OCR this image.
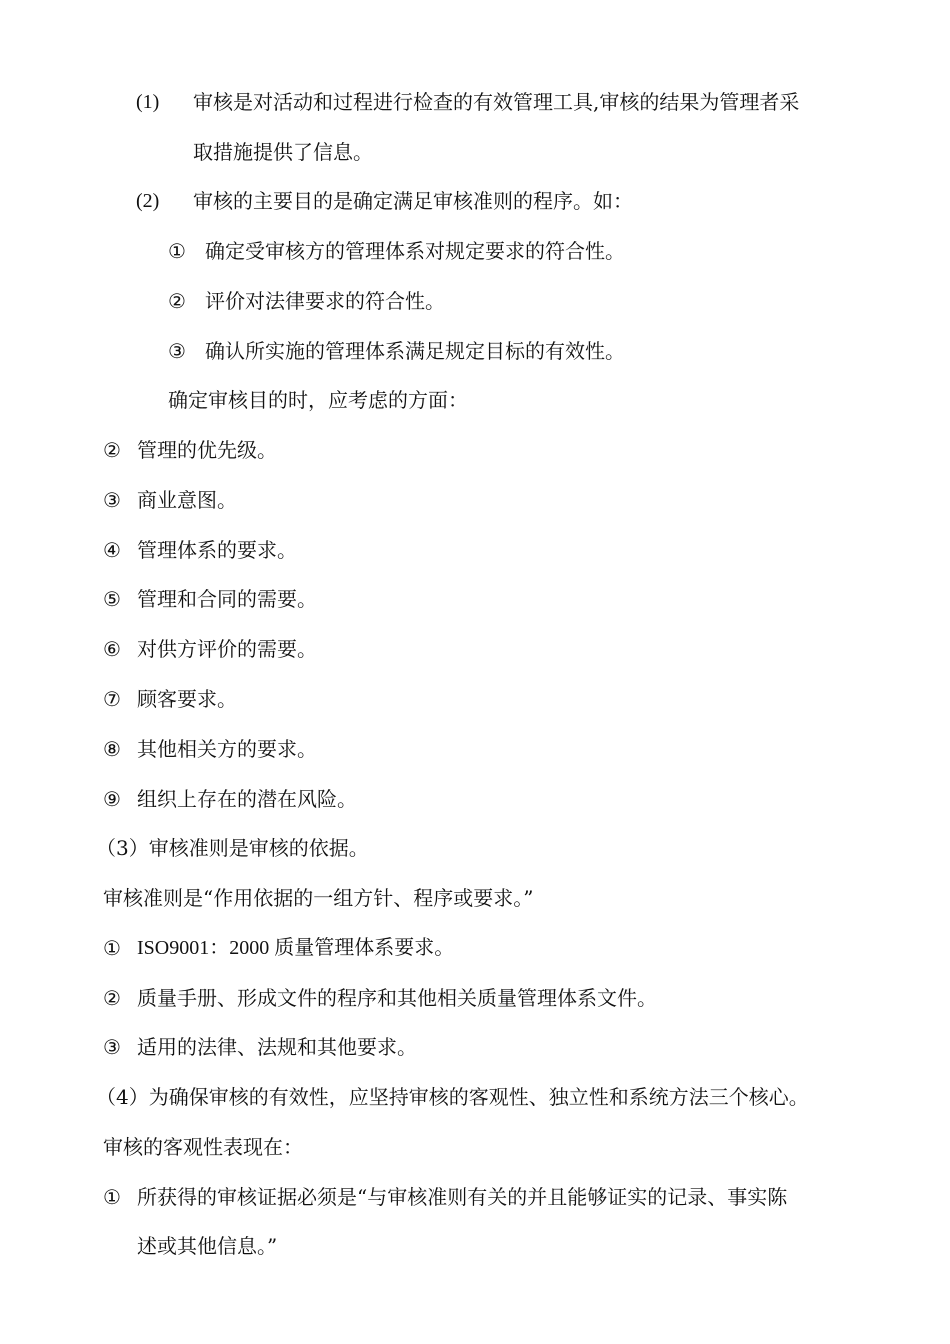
(1) 审核是对活动和过程进行检查的有效管理工具,审核的结果为管理者采
取措施提供了信息。
(2) 审核的主要目的是确定满足审核准则的程序。如：
① 确定受审核方的管理体系对规定要求的符合性。
② 评价对法律要求的符合性。
③ 确认所实施的管理体系满足规定目标的有效性。
确定审核目的时，应考虑的方面：
② 管理的优先级。
③ 商业意图。
④ 管理体系的要求。
⑤ 管理和合同的需要。
⑥ 对供方评价的需要。
⑦ 顾客要求。
⑧ 其他相关方的要求。
⑨ 组织上存在的潜在风险。
（3）审核准则是审核的依据。
审核准则是“作用依据的一组方针、程序或要求。”
① ISO9001：2000 质量管理体系要求。
② 质量手册、形成文件的程序和其他相关质量管理体系文件。
③ 适用的法律、法规和其他要求。
（4）为确保审核的有效性，应坚持审核的客观性、独立性和系统方法三个核心。
审核的客观性表现在：
① 所获得的审核证据必须是“与审核准则有关的并且能够证实的记录、事实陈
述或其他信息。”
